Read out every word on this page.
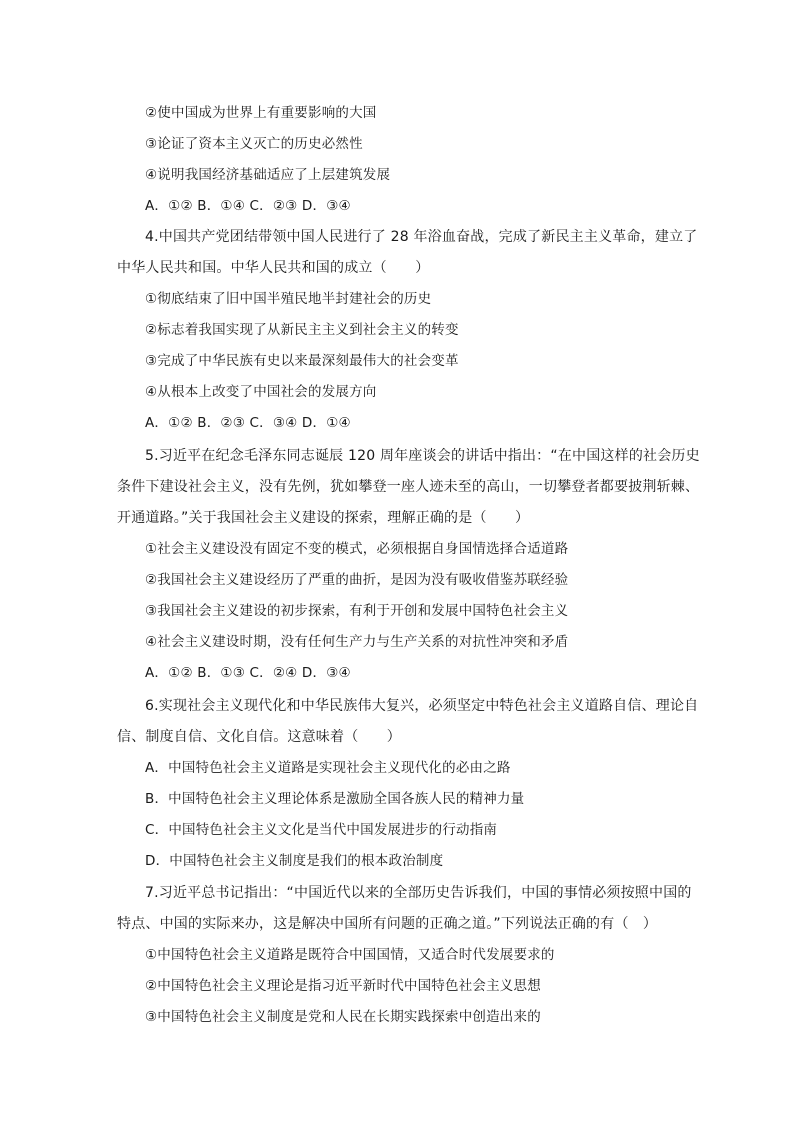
②使中国成为世界上有重要影响的大国
③论证了资本主义灭亡的历史必然性
④说明我国经济基础适应了上层建筑发展
A．①② B．①④ C．②③ D．③④
4.中国共产党团结带领中国人民进行了 28 年浴血奋战，完成了新民主主义革命，建立了
中华人民共和国。中华人民共和国的成立（　　）
①彻底结束了旧中国半殖民地半封建社会的历史
②标志着我国实现了从新民主主义到社会主义的转变
③完成了中华民族有史以来最深刻最伟大的社会变革
④从根本上改变了中国社会的发展方向
A．①② B．②③ C．③④ D．①④
5.习近平在纪念毛泽东同志诞辰 120 周年座谈会的讲话中指出：“在中国这样的社会历史
条件下建设社会主义，没有先例，犹如攀登一座人迹未至的高山，一切攀登者都要披荆斩棘、
开通道路。”关于我国社会主义建设的探索，理解正确的是（　　）
①社会主义建设没有固定不变的模式，必须根据自身国情选择合适道路
②我国社会主义建设经历了严重的曲折，是因为没有吸收借鉴苏联经验
③我国社会主义建设的初步探索，有利于开创和发展中国特色社会主义
④社会主义建设时期，没有任何生产力与生产关系的对抗性冲突和矛盾
A．①② B．①③ C．②④ D．③④
6.实现社会主义现代化和中华民族伟大复兴，必须坚定中特色社会主义道路自信、理论自
信、制度自信、文化自信。这意味着（　　）
A．中国特色社会主义道路是实现社会主义现代化的必由之路
B．中国特色社会主义理论体系是激励全国各族人民的精神力量
C．中国特色社会主义文化是当代中国发展进步的行动指南
D．中国特色社会主义制度是我们的根本政治制度
7.习近平总书记指出：“中国近代以来的全部历史告诉我们，中国的事情必须按照中国的
特点、中国的实际来办，这是解决中国所有问题的正确之道。”下列说法正确的有（　）
①中国特色社会主义道路是既符合中国国情，又适合时代发展要求的
②中国特色社会主义理论是指习近平新时代中国特色社会主义思想
③中国特色社会主义制度是党和人民在长期实践探索中创造出来的
